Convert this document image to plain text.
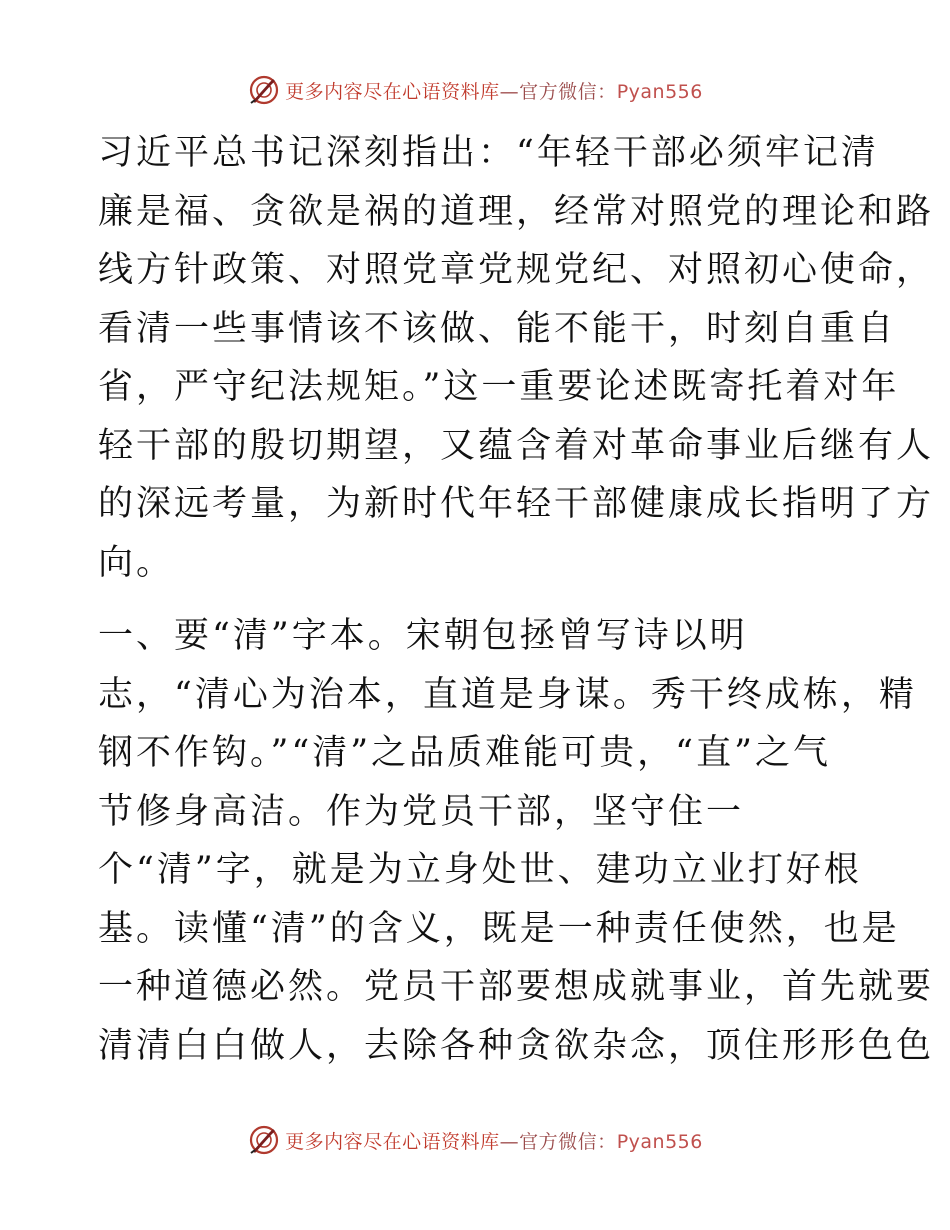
更多内容尽在心语资料库—官方微信：Pyan556
习近平总书记深刻指出：“年轻干部必须牢记清
廉是福、贪欲是祸的道理，经常对照党的理论和路
线方针政策、对照党章党规党纪、对照初心使命，
看清一些事情该不该做、能不能干，时刻自重自
省，严守纪法规矩。”这一重要论述既寄托着对年
轻干部的殷切期望，又蕴含着对革命事业后继有人
的深远考量，为新时代年轻干部健康成长指明了方
向。
一、要“清”字本。宋朝包拯曾写诗以明
志，“清心为治本，直道是身谋。秀干终成栋，精
钢不作钩。”“清”之品质难能可贵，“直”之气
节修身高洁。作为党员干部，坚守住一
个“清”字，就是为立身处世、建功立业打好根
基。读懂“清”的含义，既是一种责任使然，也是
一种道德必然。党员干部要想成就事业，首先就要
清清白白做人，去除各种贪欲杂念，顶住形形色色
更多内容尽在心语资料库—官方微信：Pyan556
